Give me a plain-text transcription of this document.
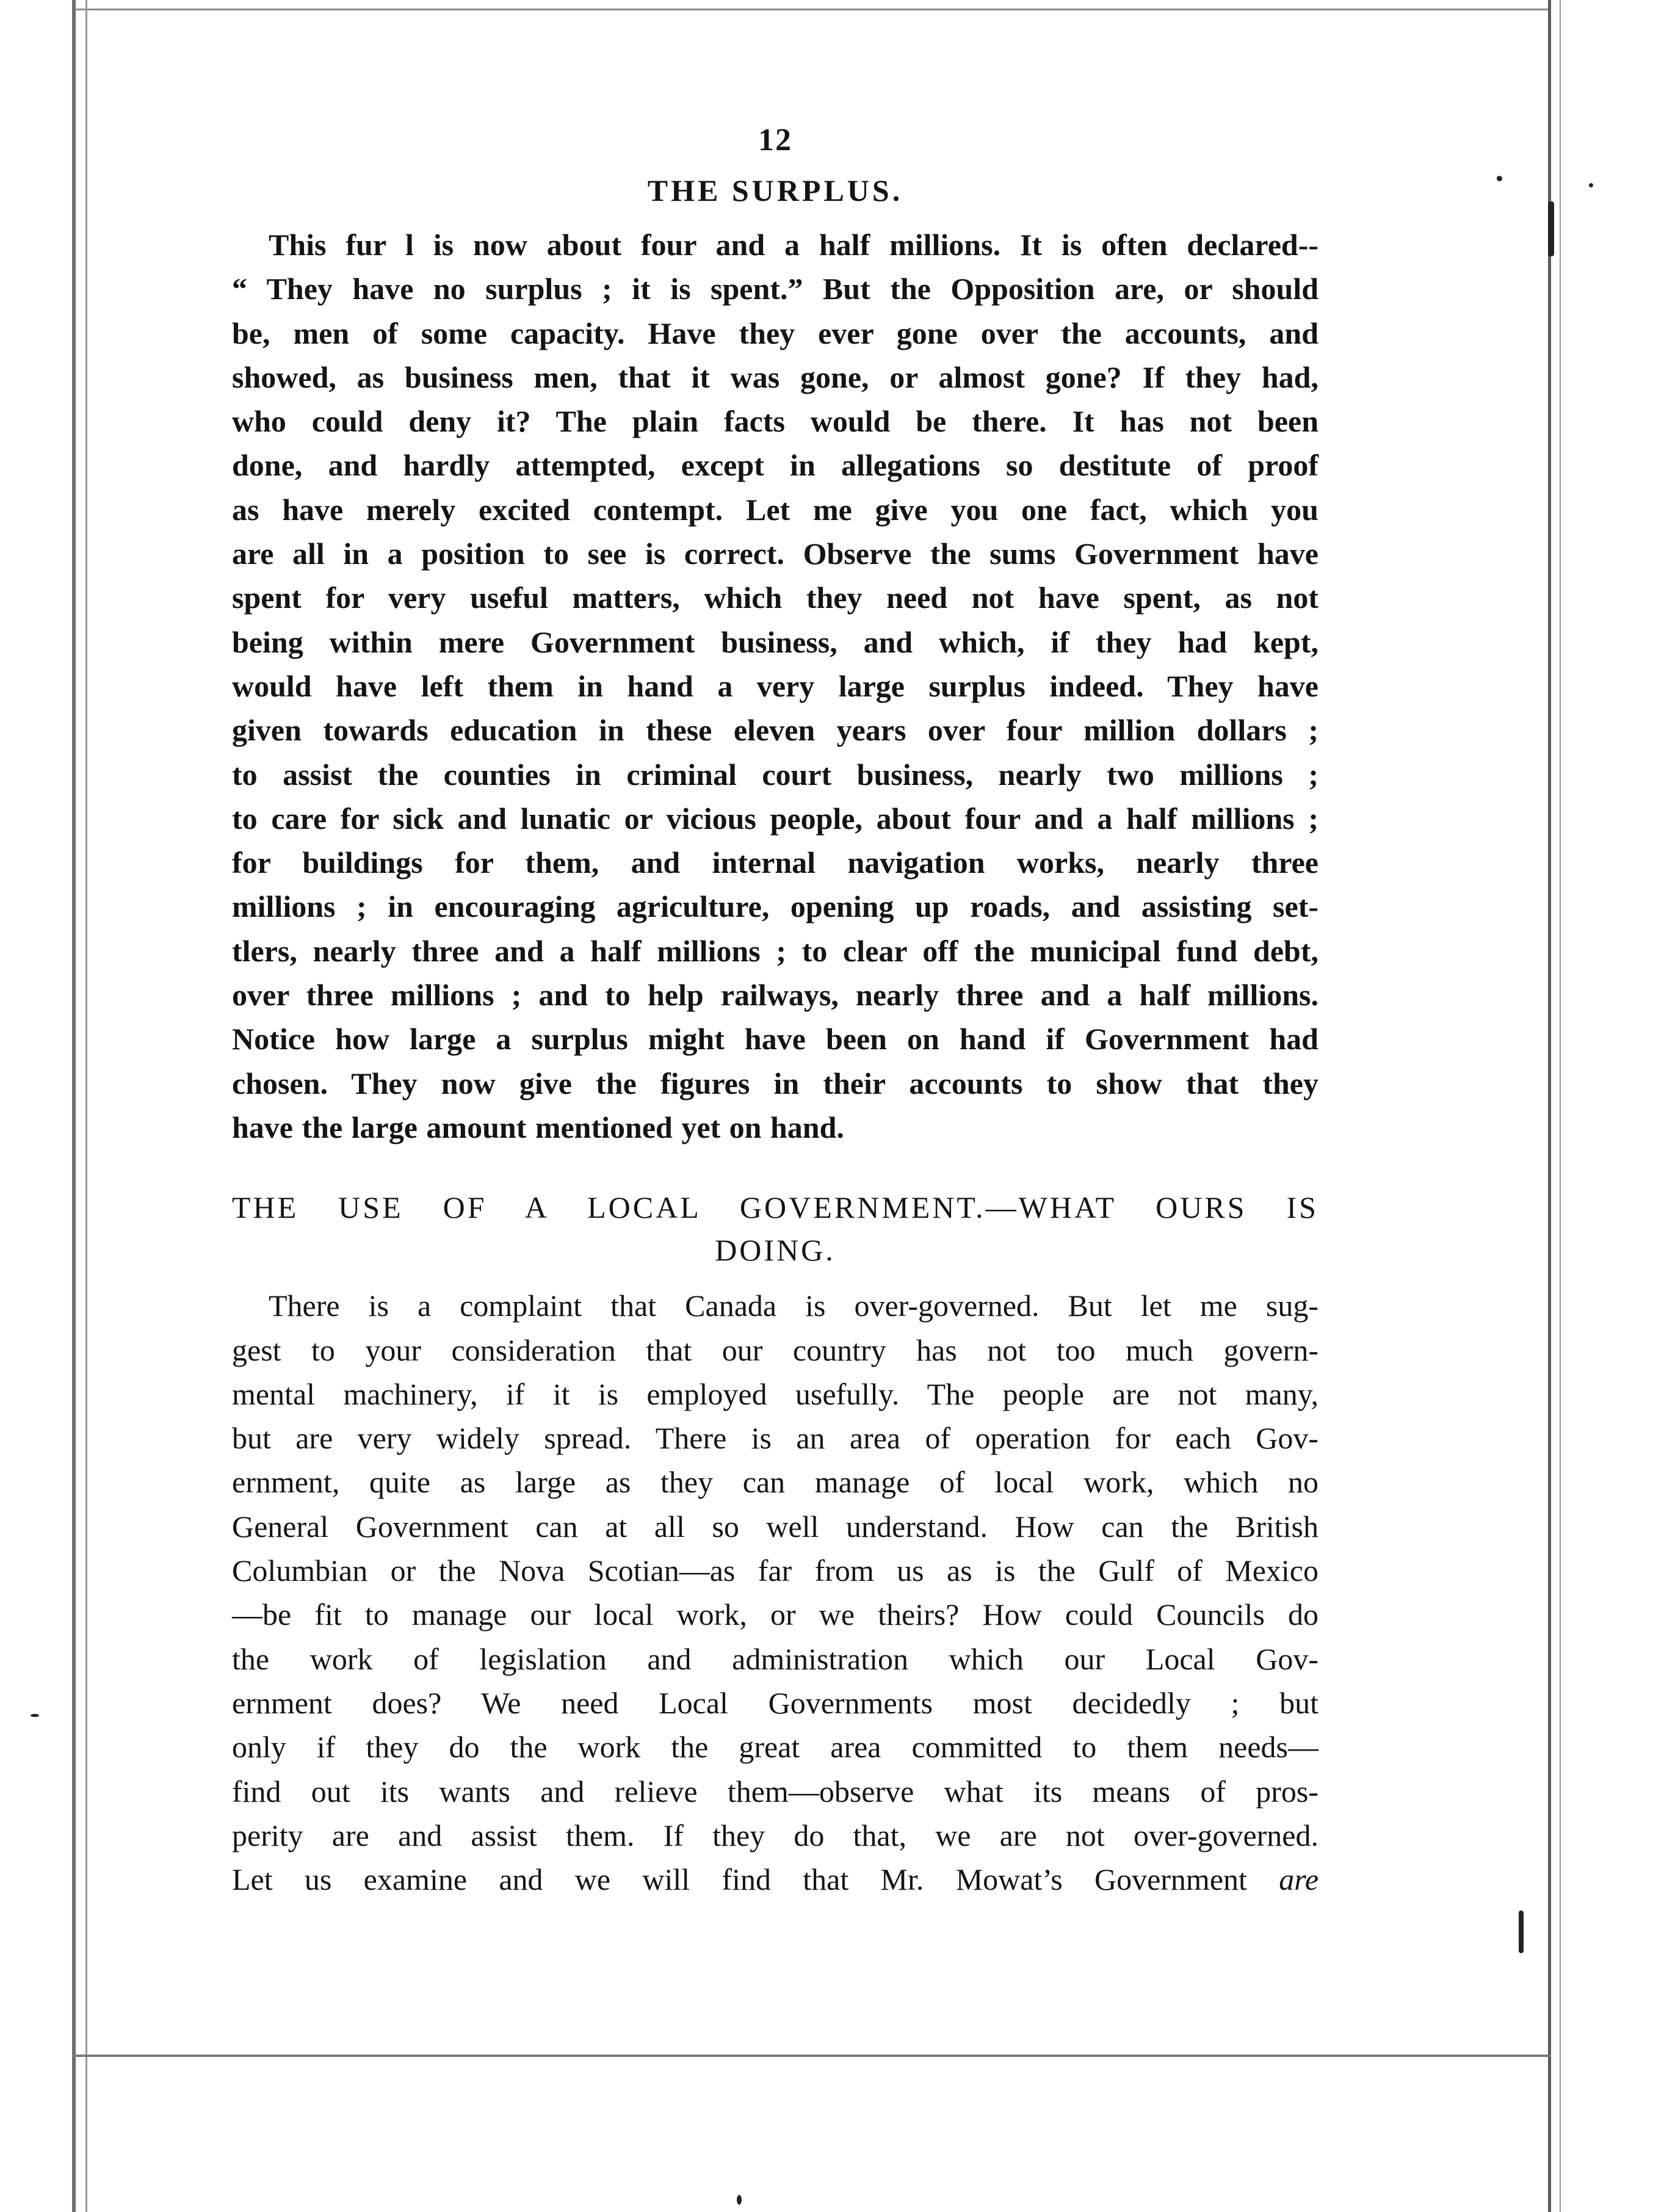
12
THE SURPLUS.
This fur l is now about four and a half millions. It is often declared--
“ They have no surplus ; it is spent.” But the Opposition are, or should
be, men of some capacity. Have they ever gone over the accounts, and
showed, as business men, that it was gone, or almost gone? If they had,
who could deny it? The plain facts would be there. It has not been
done, and hardly attempted, except in allegations so destitute of proof
as have merely excited contempt. Let me give you one fact, which you
are all in a position to see is correct. Observe the sums Government have
spent for very useful matters, which they need not have spent, as not
being within mere Government business, and which, if they had kept,
would have left them in hand a very large surplus indeed. They have
given towards education in these eleven years over four million dollars ;
to assist the counties in criminal court business, nearly two millions ;
to care for sick and lunatic or vicious people, about four and a half millions ;
for buildings for them, and internal navigation works, nearly three
millions ; in encouraging agriculture, opening up roads, and assisting set-
tlers, nearly three and a half millions ; to clear off the municipal fund debt,
over three millions ; and to help railways, nearly three and a half millions.
Notice how large a surplus might have been on hand if Government had
chosen. They now give the figures in their accounts to show that they
have the large amount mentioned yet on hand.
THE USE OF A LOCAL GOVERNMENT.—WHAT OURS IS
DOING.
There is a complaint that Canada is over-governed. But let me sug-
gest to your consideration that our country has not too much govern-
mental machinery, if it is employed usefully. The people are not many,
but are very widely spread. There is an area of operation for each Gov-
ernment, quite as large as they can manage of local work, which no
General Government can at all so well understand. How can the British
Columbian or the Nova Scotian—as far from us as is the Gulf of Mexico
—be fit to manage our local work, or we theirs? How could Councils do
the work of legislation and administration which our Local Gov-
ernment does? We need Local Governments most decidedly ; but
only if they do the work the great area committed to them needs—
find out its wants and relieve them—observe what its means of pros-
perity are and assist them. If they do that, we are not over-governed.
Let us examine and we will find that Mr. Mowat’s Government are
